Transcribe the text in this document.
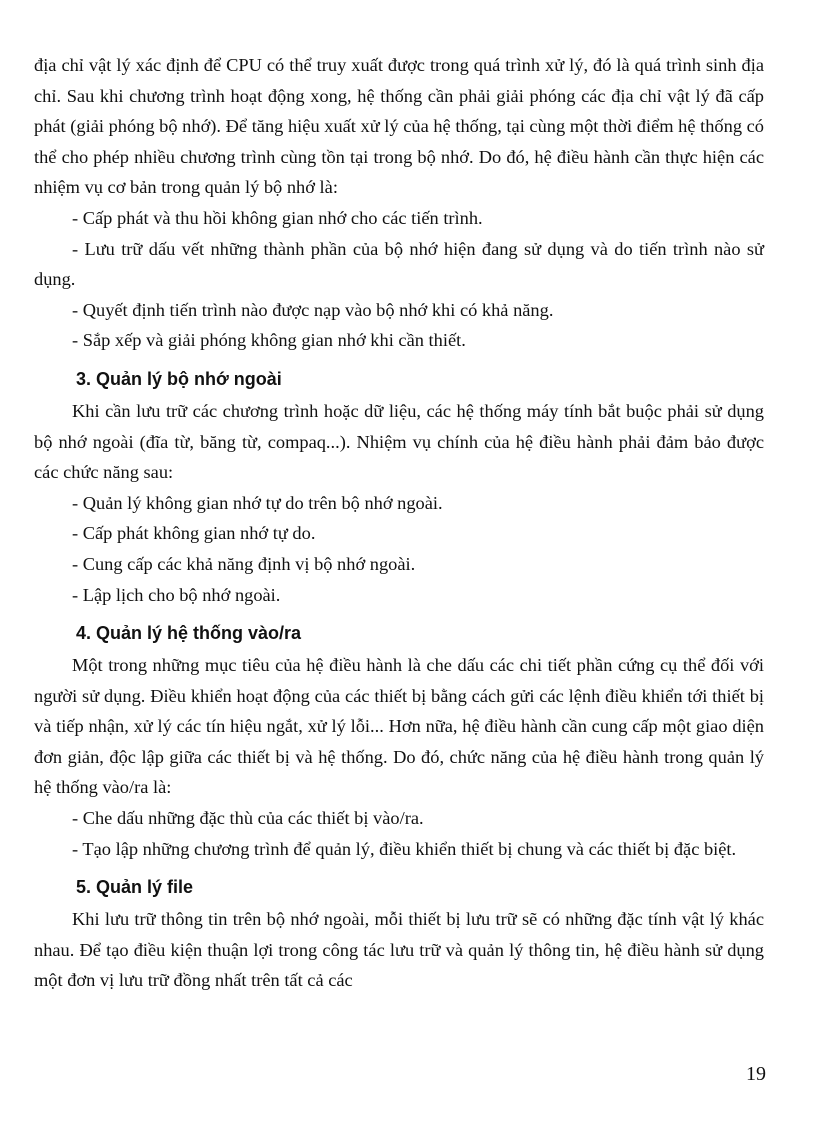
địa chỉ vật lý xác định để CPU có thể truy xuất được trong quá trình xử lý, đó là quá trình sinh địa chỉ. Sau khi chương trình hoạt động xong, hệ thống cần phải giải phóng các địa chỉ vật lý đã cấp phát (giải phóng bộ nhớ). Để tăng hiệu xuất xử lý của hệ thống, tại cùng một thời điểm hệ thống có thể cho phép nhiều chương trình cùng tồn tại trong bộ nhớ. Do đó, hệ điều hành cần thực hiện các nhiệm vụ cơ bản trong quản lý bộ nhớ là:

- Cấp phát và thu hồi không gian nhớ cho các tiến trình.

- Lưu trữ dấu vết những thành phần của bộ nhớ hiện đang sử dụng và do tiến trình nào sử dụng.

- Quyết định tiến trình nào được nạp vào bộ nhớ khi có khả năng.

- Sắp xếp và giải phóng không gian nhớ khi cần thiết.

3. Quản lý bộ nhớ ngoài

Khi cần lưu trữ các chương trình hoặc dữ liệu, các hệ thống máy tính bắt buộc phải sử dụng bộ nhớ ngoài (đĩa từ, băng từ, compaq...). Nhiệm vụ chính của hệ điều hành phải đảm bảo được các chức năng sau:

- Quản lý không gian nhớ tự do trên bộ nhớ ngoài.

- Cấp phát không gian nhớ tự do.

- Cung cấp các khả năng định vị bộ nhớ ngoài.

- Lập lịch cho bộ nhớ ngoài.

4. Quản lý hệ thống vào/ra

Một trong những mục tiêu của hệ điều hành là che dấu các chi tiết phần cứng cụ thể đối với người sử dụng. Điều khiển hoạt động của các thiết bị bằng cách gửi các lệnh điều khiển tới thiết bị và tiếp nhận, xử lý các tín hiệu ngắt, xử lý lỗi... Hơn nữa, hệ điều hành cần cung cấp một giao diện đơn giản, độc lập giữa các thiết bị và hệ thống. Do đó, chức năng của hệ điều hành trong quản lý hệ thống vào/ra là:

- Che dấu những đặc thù của các thiết bị vào/ra.

- Tạo lập những chương trình để quản lý, điều khiển thiết bị chung và các thiết bị đặc biệt.

5. Quản lý file

Khi lưu trữ thông tin trên bộ nhớ ngoài, mỗi thiết bị lưu trữ sẽ có những đặc tính vật lý khác nhau. Để tạo điều kiện thuận lợi trong công tác lưu trữ và quản lý thông tin, hệ điều hành sử dụng một đơn vị lưu trữ đồng nhất trên tất cả các

19
